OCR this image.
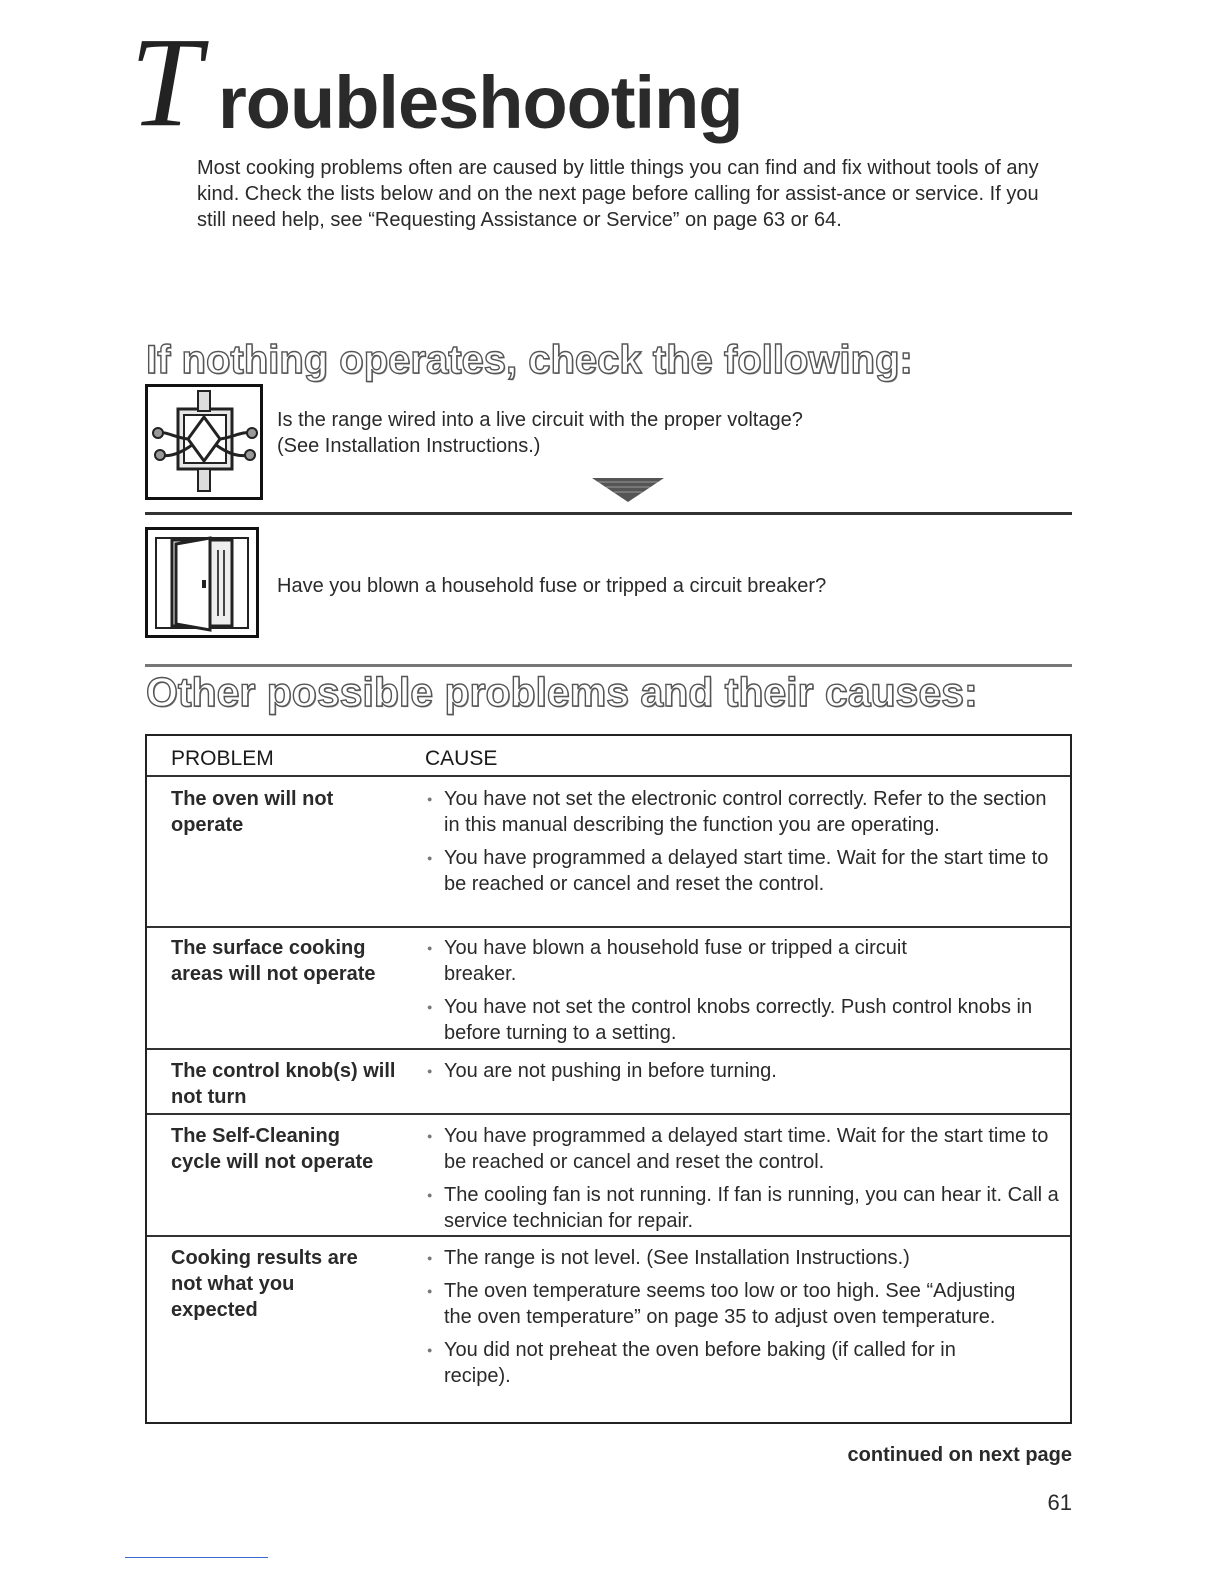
T roubleshooting

Most cooking problems often are caused by little things you can find and fix without tools of any kind. Check the lists below and on the next page before calling for assist-ance or service. If you still need help, see “Requesting Assistance or Service” on page 63 or 64.

If nothing operates, check the following:

Is the range wired into a live circuit with the proper voltage?
(See Installation Instructions.)

Have you blown a household fuse or tripped a circuit breaker?

Other possible problems and their causes:
PROBLEM	CAUSE
The oven will not operate

● You have not set the electronic control correctly. Refer to the section in this manual describing the function you are operating.

● You have programmed a delayed start time. Wait for the start time to be reached or cancel and reset the control.

The surface cooking areas will not operate

● You have blown a household fuse or tripped a circuit breaker.

● You have not set the control knobs correctly. Push control knobs in before turning to a setting.

The control knob(s) will not turn

● You are not pushing in before turning.

The Self-Cleaning cycle will not operate

● You have programmed a delayed start time. Wait for the start time to be reached or cancel and reset the control.

● The cooling fan is not running. If fan is running, you can hear it. Call a service technician for repair.

Cooking results are not what you expected

● The range is not level. (See Installation Instructions.)

● The oven temperature seems too low or too high. See “Adjusting the oven temperature” on page 35 to adjust oven temperature.

● You did not preheat the oven before baking (if called for in recipe).

continued on next page
61
